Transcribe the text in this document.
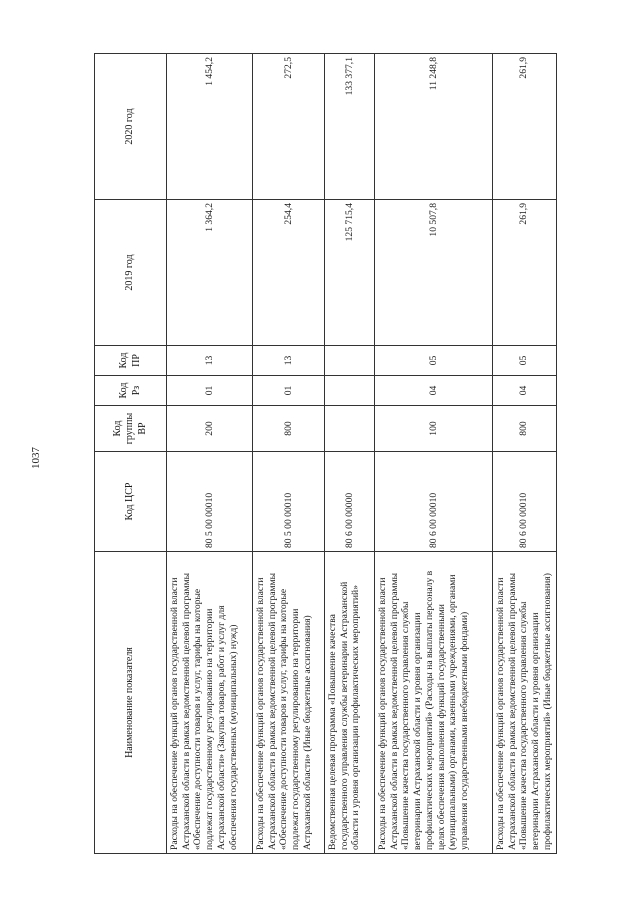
1037
Наименование показателя	Код ЦСР	Код группы ВР	Код Рз	Код ПР	2019 год	2020 год
Расходы на обеспечение функций органов государственной власти Астраханской области в рамках ведомственной целевой программы «Обеспечение доступности товаров и услуг, тарифы на которые подлежат государственному регулированию на территории Астраханской области» (Закупка товаров, работ и услуг для обеспечения государственных (муниципальных) нужд)	80 5 00 00010	200	01	13	1 364,2	1 454,2
Расходы на обеспечение функций органов государственной власти Астраханской области в рамках ведомственной целевой программы «Обеспечение доступности товаров и услуг, тарифы на которые подлежат государственному регулированию на территории Астраханской области» (Иные бюджетные ассигнования)	80 5 00 00010	800	01	13	254,4	272,5
Ведомственная целевая программа «Повышение качества государственного управления службы ветеринарии Астраханской области и уровня организации профилактических мероприятий»	80 6 00 00000				125 715,4	133 377,1
Расходы на обеспечение функций органов государственной власти Астраханской области в рамках ведомственной целевой программы «Повышение качества государственного управления службы ветеринарии Астраханской области и уровня организации профилактических мероприятий» (Расходы на выплаты персоналу в целях обеспечения выполнения функций государственными (муниципальными) органами, казенными учреждениями, органами управления государственными внебюджетными фондами)	80 6 00 00010	100	04	05	10 507,8	11 248,8
Расходы на обеспечение функций органов государственной власти Астраханской области в рамках ведомственной целевой программы «Повышение качества государственного управления службы ветеринарии Астраханской области и уровня организации профилактических мероприятий» (Иные бюджетные ассигнования)	80 6 00 00010	800	04	05	261,9	261,9
